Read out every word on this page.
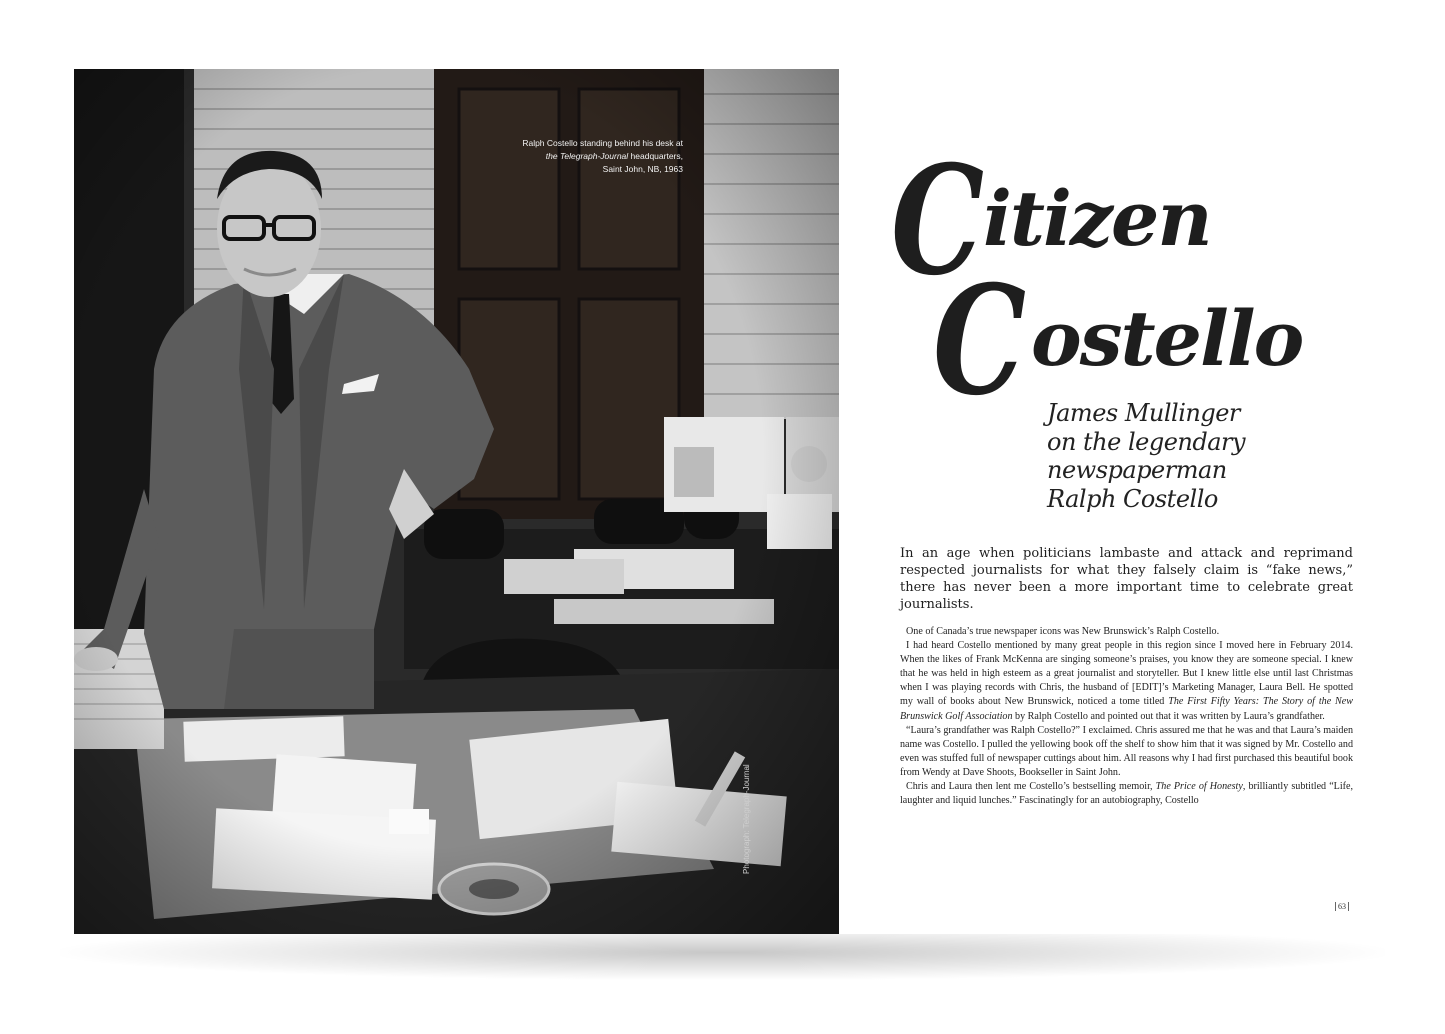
Ralph Costello standing behind his desk at
the Telegraph-Journal headquarters,
Saint John, NB, 1963
Photograph: Telegraph-Journal
C itizen
C ostello
James Mullinger
on the legendary
newspaperman
Ralph Costello
In an age when politicians lambaste and attack and reprimand respected journalists for what they falsely claim is “fake news,” there has never been a more important time to celebrate great journalists.

One of Canada’s true newspaper icons was New Brunswick’s Ralph Costello.

I had heard Costello mentioned by many great people in this region since I moved here in February 2014. When the likes of Frank McKenna are singing someone’s praises, you know they are someone special. I knew that he was held in high esteem as a great journalist and storyteller. But I knew little else until last Christmas when I was playing records with Chris, the husband of [EDIT]’s Marketing Manager, Laura Bell. He spotted my wall of books about New Brunswick, noticed a tome titled The First Fifty Years: The Story of the New Brunswick Golf Association by Ralph Costello and pointed out that it was written by Laura’s grandfather.

“Laura’s grandfather was Ralph Costello?” I exclaimed. Chris assured me that he was and that Laura’s maiden name was Costello. I pulled the yellowing book off the shelf to show him that it was signed by Mr. Costello and even was stuffed full of newspaper cuttings about him. All reasons why I had first purchased this beautiful book from Wendy at Dave Shoots, Bookseller in Saint John.

Chris and Laura then lent me Costello’s bestselling memoir, The Price of Honesty, brilliantly subtitled “Life, laughter and liquid lunches.” Fascinatingly for an autobiography, Costello

63
